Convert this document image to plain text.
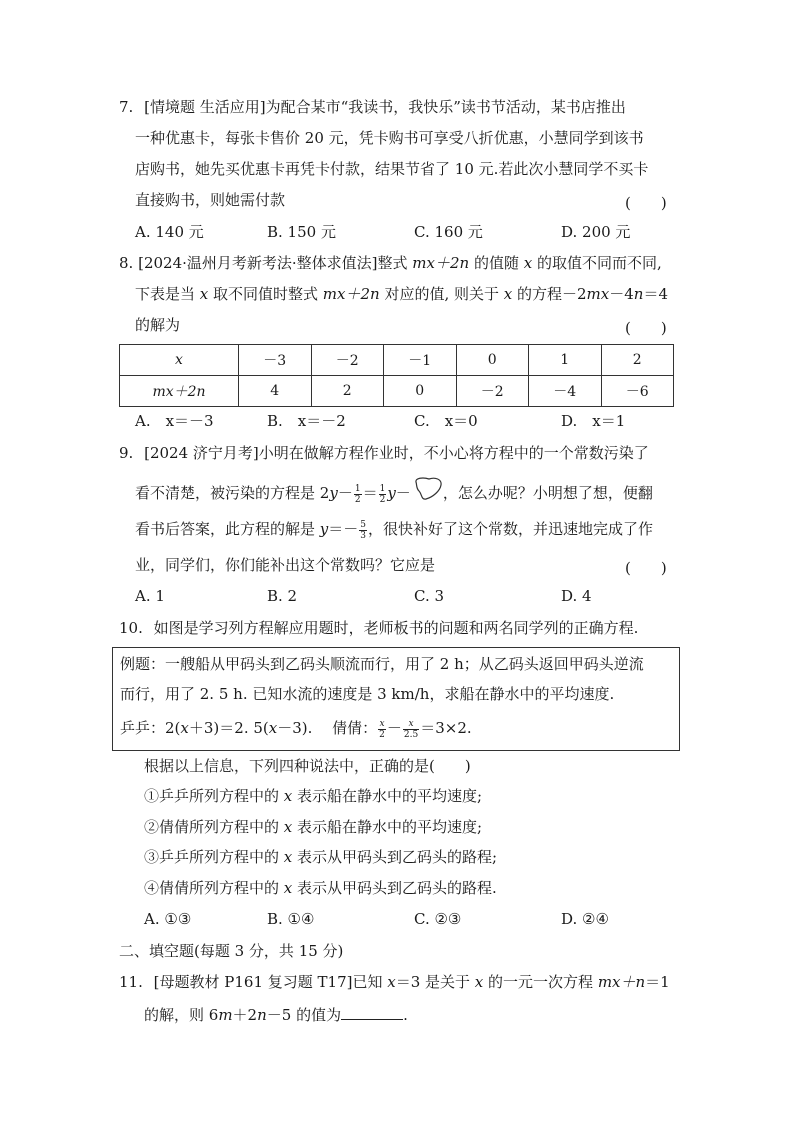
7. [情境题 生活应用]为配合某市“我读书，我快乐”读书节活动，某书店推出
一种优惠卡，每张卡售价 20 元，凭卡购书可享受八折优惠，小慧同学到该书
店购书，她先买优惠卡再凭卡付款，结果节省了 10 元.若此次小慧同学不买卡
直接购书，则她需付款	(　　)
A. 140 元	B. 150 元	C. 160 元	D. 200 元
8. [2024·温州月考新考法·整体求值法]整式 mx＋2n 的值随 x 的取值不同而不同,
下表是当 x 取不同值时整式 mx＋2n 对应的值, 则关于 x 的方程－2mx－4n＝4
的解为	(　　)
x	－3	－2	－1	0	1	2
mx＋2n	4	2	0	－2	－4	－6
A.　x＝－3	B.　x＝－2	C.　x＝0	D.　x＝1
9. [2024 济宁月考]小明在做解方程作业时，不小心将方程中的一个常数污染了
看不清楚，被污染的方程是 $2y- \frac{1}{2} = \frac{1}{2} y-$ ，怎么办呢？小明想了想，便翻
看书后答案，此方程的解是 $y=- \frac{5}{3}$ ，很快补好了这个常数，并迅速地完成了作
业，同学们，你们能补出这个常数吗？它应是	(　　)
A. 1	B. 2	C. 3	D. 4
10. 如图是学习列方程解应用题时，老师板书的问题和两名同学列的正确方程.
例题：一艘船从甲码头到乙码头顺流而行，用了 2 h；从乙码头返回甲码头逆流
而行，用了 2. 5 h. 已知水流的速度是 3 km/h，求船在静水中的平均速度.
乒乒：2(x＋3)＝2. 5(x－3).　 倩倩： $\frac{x}{2} - \frac{x}{2.5} =3\times 2$.
根据以上信息，下列四种说法中，正确的是(　　)
①乒乒所列方程中的 x 表示船在静水中的平均速度;
②倩倩所列方程中的 x 表示船在静水中的平均速度;
③乒乒所列方程中的 x 表示从甲码头到乙码头的路程;
④倩倩所列方程中的 x 表示从甲码头到乙码头的路程.
A. ①③	B. ①④	C. ②③	D. ②④
二、填空题(每题 3 分，共 15 分)
11. [母题教材 P161 复习题 T17]已知 x＝3 是关于 x 的一元一次方程 mx＋n＝1
的解，则 6m＋2n－5 的值为	.
